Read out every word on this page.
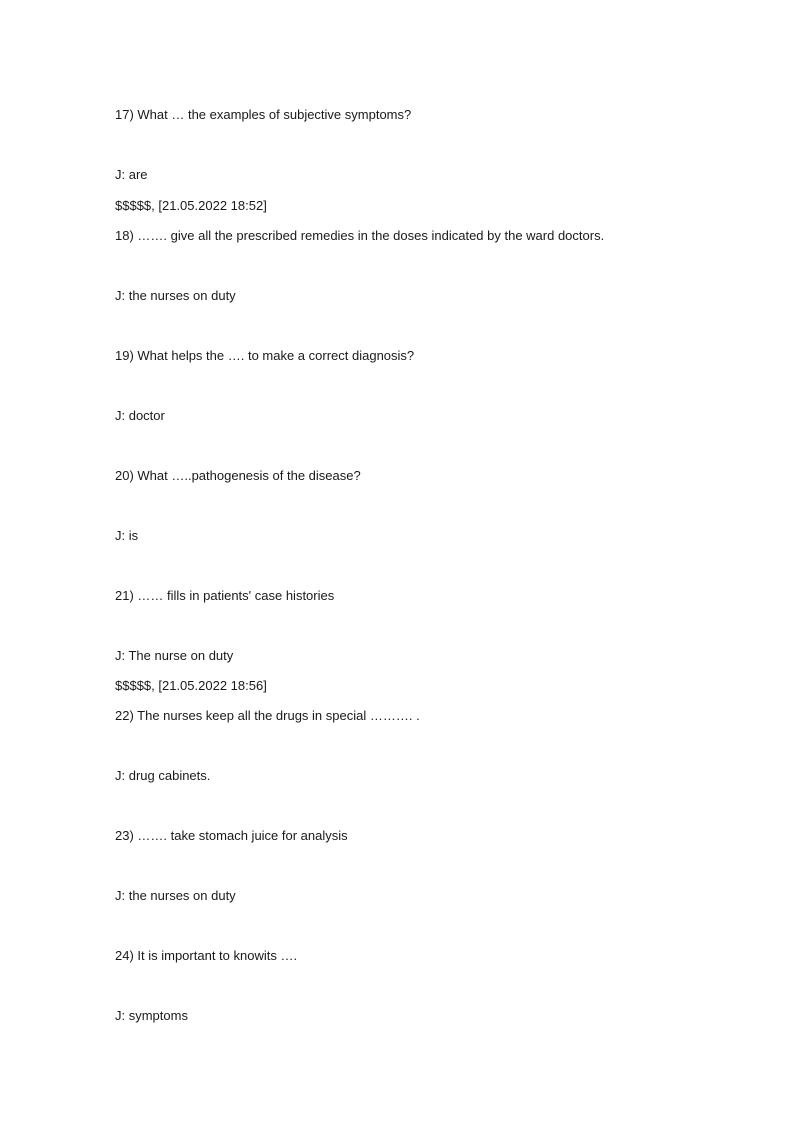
17) What … the examples of subjective symptoms?
J: are
$$$$$, [21.05.2022 18:52]
18) ……. give all the prescribed remedies in the doses indicated by the ward doctors.
J: the nurses on duty
19) What helps the …. to make a correct diagnosis?
J: doctor
20) What …..pathogenesis of the disease?
J: is
21) …… fills in patients' case histories
J: The nurse on duty
$$$$$, [21.05.2022 18:56]
22) The nurses keep all the drugs in special ………. .
J: drug cabinets.
23) ……. take stomach juice for analysis
J: the nurses on duty
24) It is important to knowits ….
J: symptoms
